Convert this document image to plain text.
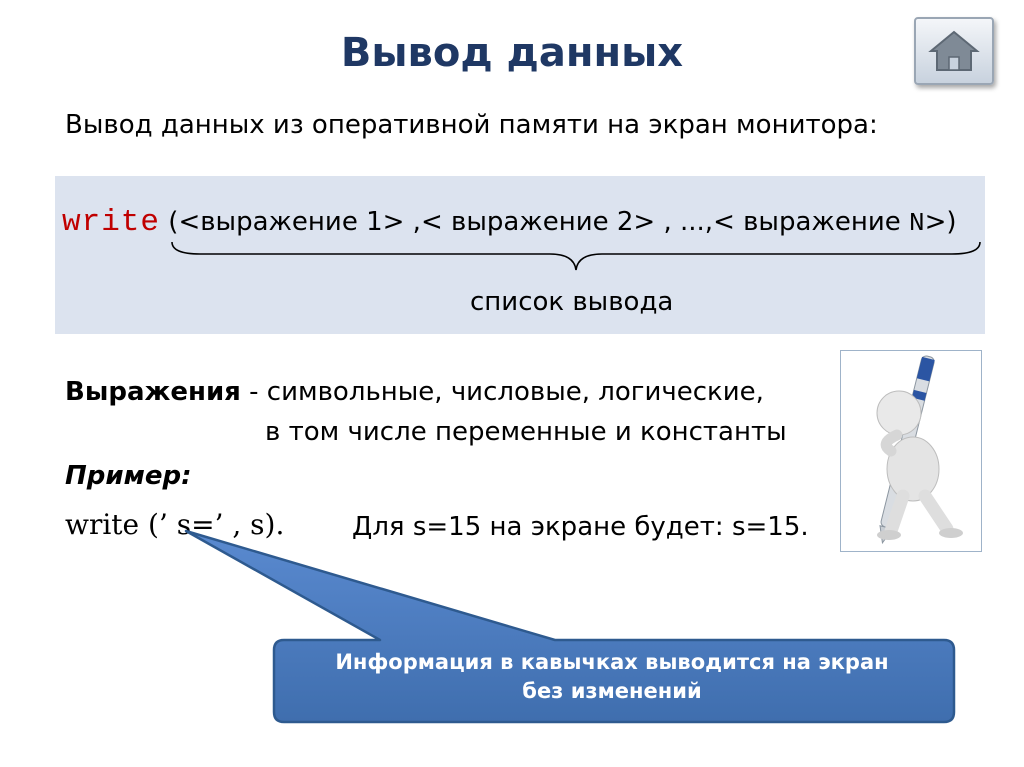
Вывод данных
Вывод данных из оперативной памяти на экран монитора:
write (<выражение 1> ,< выражение 2> , ...,< выражение N>)
список вывода
Выражения - символьные, числовые, логические,
в том числе переменные и константы
Пример:
write (’ s=’ , s).	Для s=15 на экране будет: s=15.
Информация в кавычках выводится на экран
без изменений
